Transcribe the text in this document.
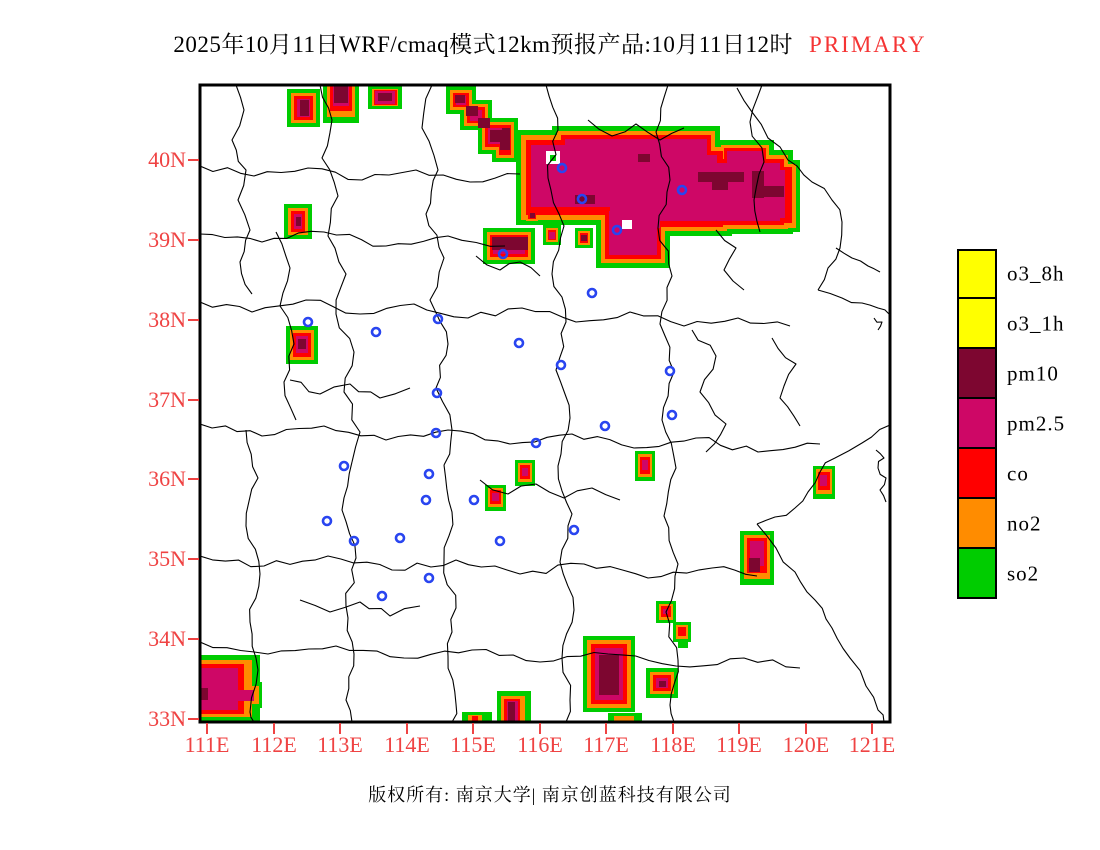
2025年10月11日WRF/cmaq模式12km预报产品:10月11日12时 PRIMARY
40N
39N
38N
37N
36N
35N
34N
33N
111E 112E 113E 114E 115E 116E 117E 118E 119E 120E 121E
o3_8h
o3_1h
pm10
pm2.5
co
no2
so2
版权所有: 南京大学| 南京创蓝科技有限公司
